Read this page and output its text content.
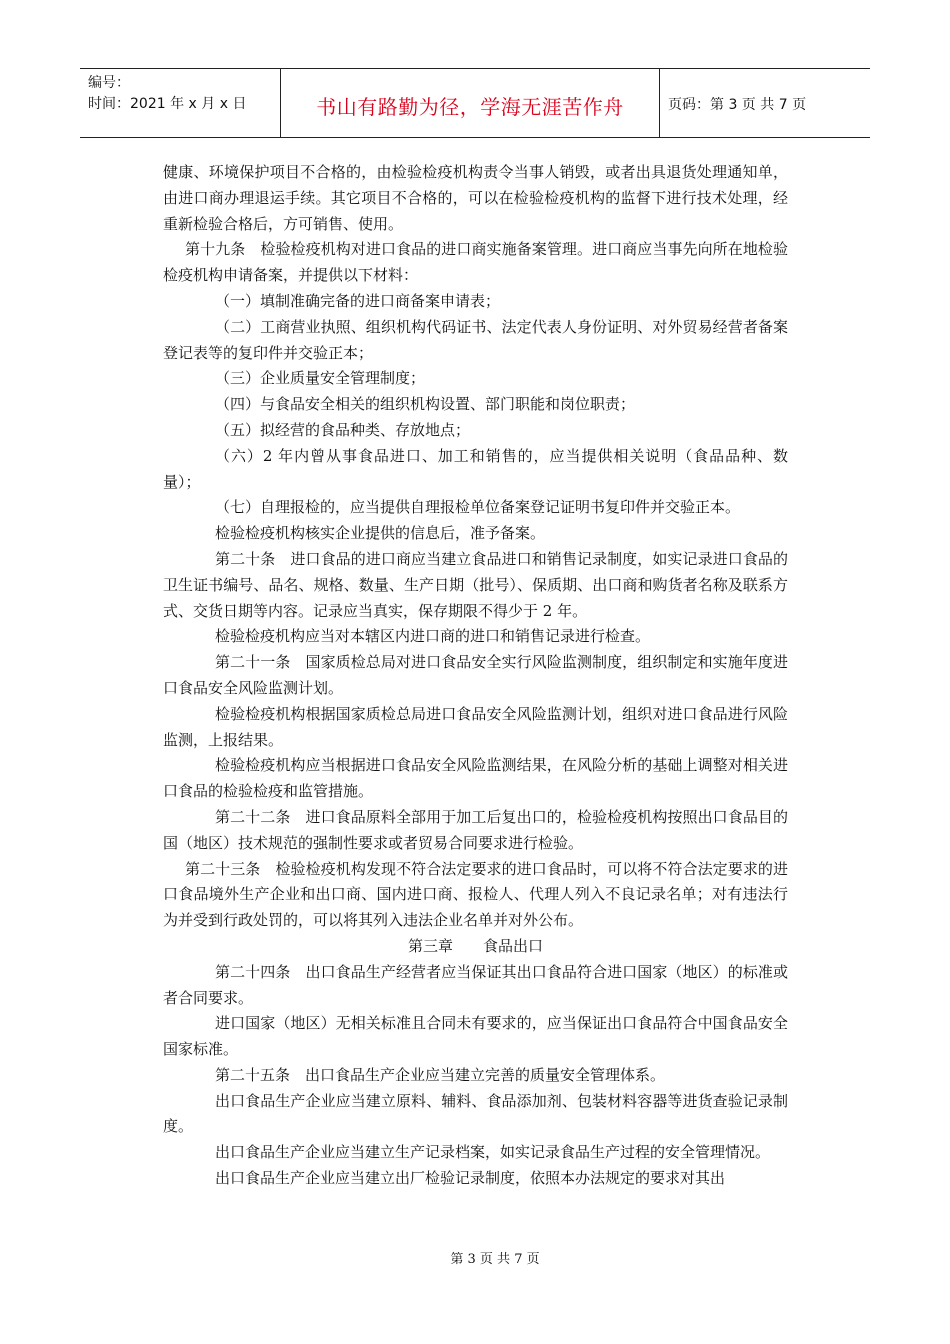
编号：
时间：2021 年 x 月 x 日	书山有路勤为径，学海无涯苦作舟	页码：第 3 页 共 7 页

健康、环境保护项目不合格的，由检验检疫机构责令当事人销毁，或者出具退货处理通知单，由进口商办理退运手续。其它项目不合格的，可以在检验检疫机构的监督下进行技术处理，经重新检验合格后，方可销售、使用。

第十九条　检验检疫机构对进口食品的进口商实施备案管理。进口商应当事先向所在地检验检疫机构申请备案，并提供以下材料：

（一）填制准确完备的进口商备案申请表；

（二）工商营业执照、组织机构代码证书、法定代表人身份证明、对外贸易经营者备案登记表等的复印件并交验正本；

（三）企业质量安全管理制度；

（四）与食品安全相关的组织机构设置、部门职能和岗位职责；

（五）拟经营的食品种类、存放地点；

（六）2 年内曾从事食品进口、加工和销售的，应当提供相关说明（食品品种、数量）；

（七）自理报检的，应当提供自理报检单位备案登记证明书复印件并交验正本。

检验检疫机构核实企业提供的信息后，准予备案。

第二十条　进口食品的进口商应当建立食品进口和销售记录制度，如实记录进口食品的卫生证书编号、品名、规格、数量、生产日期（批号）、保质期、出口商和购货者名称及联系方式、交货日期等内容。记录应当真实，保存期限不得少于 2 年。

检验检疫机构应当对本辖区内进口商的进口和销售记录进行检查。

第二十一条　国家质检总局对进口食品安全实行风险监测制度，组织制定和实施年度进口食品安全风险监测计划。

检验检疫机构根据国家质检总局进口食品安全风险监测计划，组织对进口食品进行风险监测，上报结果。

检验检疫机构应当根据进口食品安全风险监测结果，在风险分析的基础上调整对相关进口食品的检验检疫和监管措施。

第二十二条　进口食品原料全部用于加工后复出口的，检验检疫机构按照出口食品目的国（地区）技术规范的强制性要求或者贸易合同要求进行检验。

第二十三条　检验检疫机构发现不符合法定要求的进口食品时，可以将不符合法定要求的进口食品境外生产企业和出口商、国内进口商、报检人、代理人列入不良记录名单；对有违法行为并受到行政处罚的，可以将其列入违法企业名单并对外公布。

第三章　　食品出口

第二十四条　出口食品生产经营者应当保证其出口食品符合进口国家（地区）的标准或者合同要求。

进口国家（地区）无相关标准且合同未有要求的，应当保证出口食品符合中国食品安全国家标准。

第二十五条　出口食品生产企业应当建立完善的质量安全管理体系。

出口食品生产企业应当建立原料、辅料、食品添加剂、包装材料容器等进货查验记录制度。

出口食品生产企业应当建立生产记录档案，如实记录食品生产过程的安全管理情况。

出口食品生产企业应当建立出厂检验记录制度，依照本办法规定的要求对其出

第 3 页 共 7 页
